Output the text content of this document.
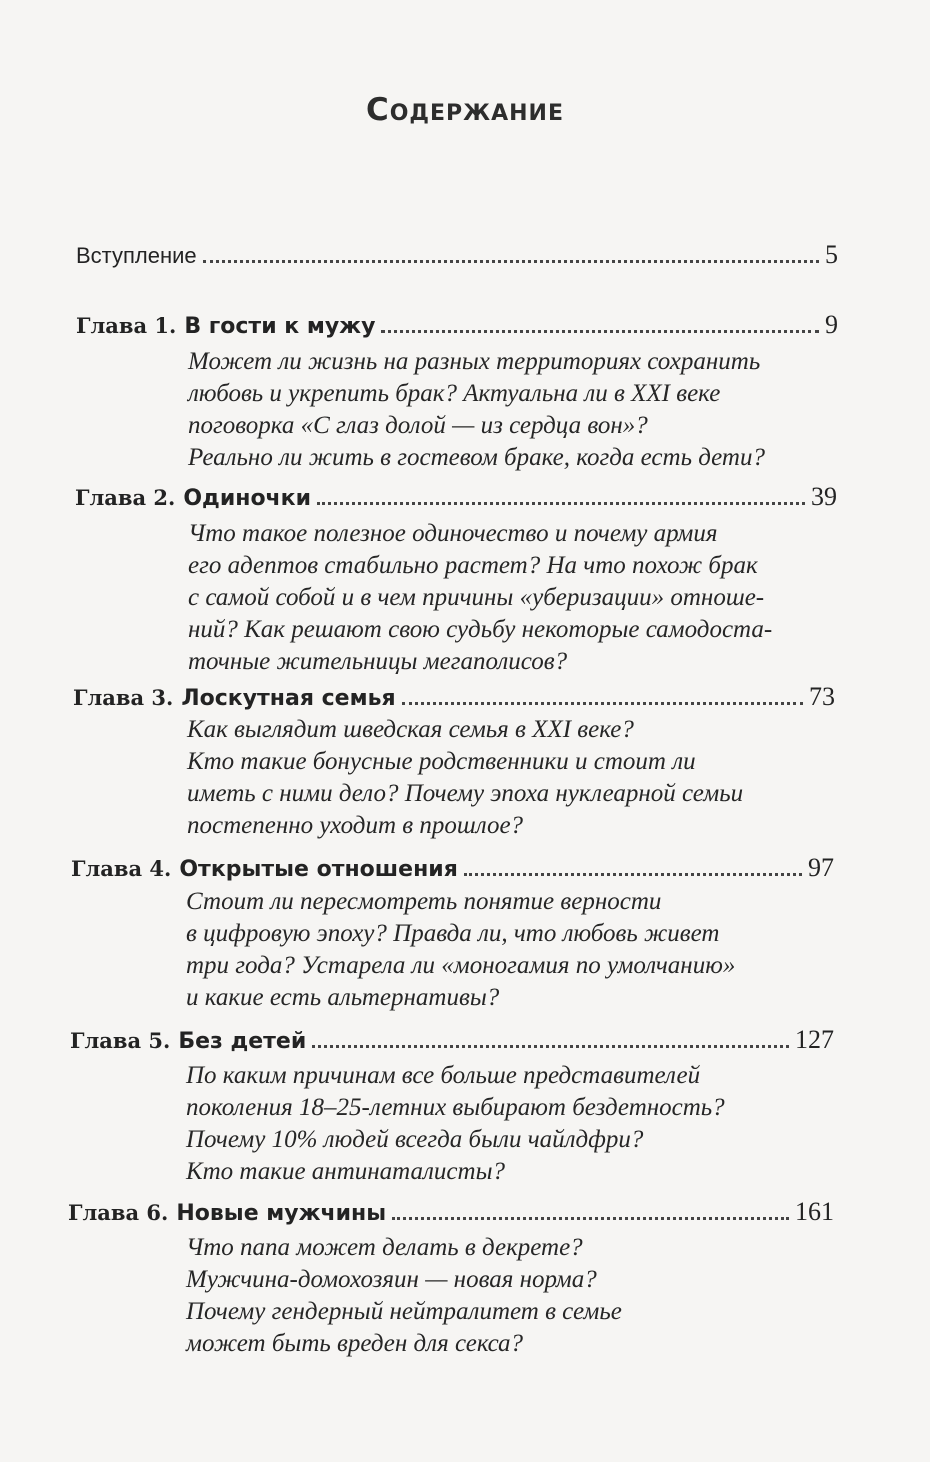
Содержание
Вступление	5
Глава 1. В гости к мужу	9
Может ли жизнь на разных территориях сохранить
любовь и укрепить брак? Актуальна ли в XXI веке
поговорка «С глаз долой — из сердца вон»?
Реально ли жить в гостевом браке, когда есть дети?
Глава 2. Одиночки	39
Что такое полезное одиночество и почему армия
его адептов стабильно растет? На что похож брак
с самой собой и в чем причины «уберизации» отноше-
ний? Как решают свою судьбу некоторые самодоста-
точные жительницы мегаполисов?
Глава 3. Лоскутная семья	73
Как выглядит шведская семья в XXI веке?
Кто такие бонусные родственники и стоит ли
иметь с ними дело? Почему эпоха нуклеарной семьи
постепенно уходит в прошлое?
Глава 4. Открытые отношения	97
Стоит ли пересмотреть понятие верности
в цифровую эпоху? Правда ли, что любовь живет
три года? Устарела ли «моногамия по умолчанию»
и какие есть альтернативы?
Глава 5. Без детей	127
По каким причинам все больше представителей
поколения 18–25-летних выбирают бездетность?
Почему 10% людей всегда были чайлдфри?
Кто такие антинаталисты?
Глава 6. Новые мужчины	161
Что папа может делать в декрете?
Мужчина-домохозяин — новая норма?
Почему гендерный нейтралитет в семье
может быть вреден для секса?
